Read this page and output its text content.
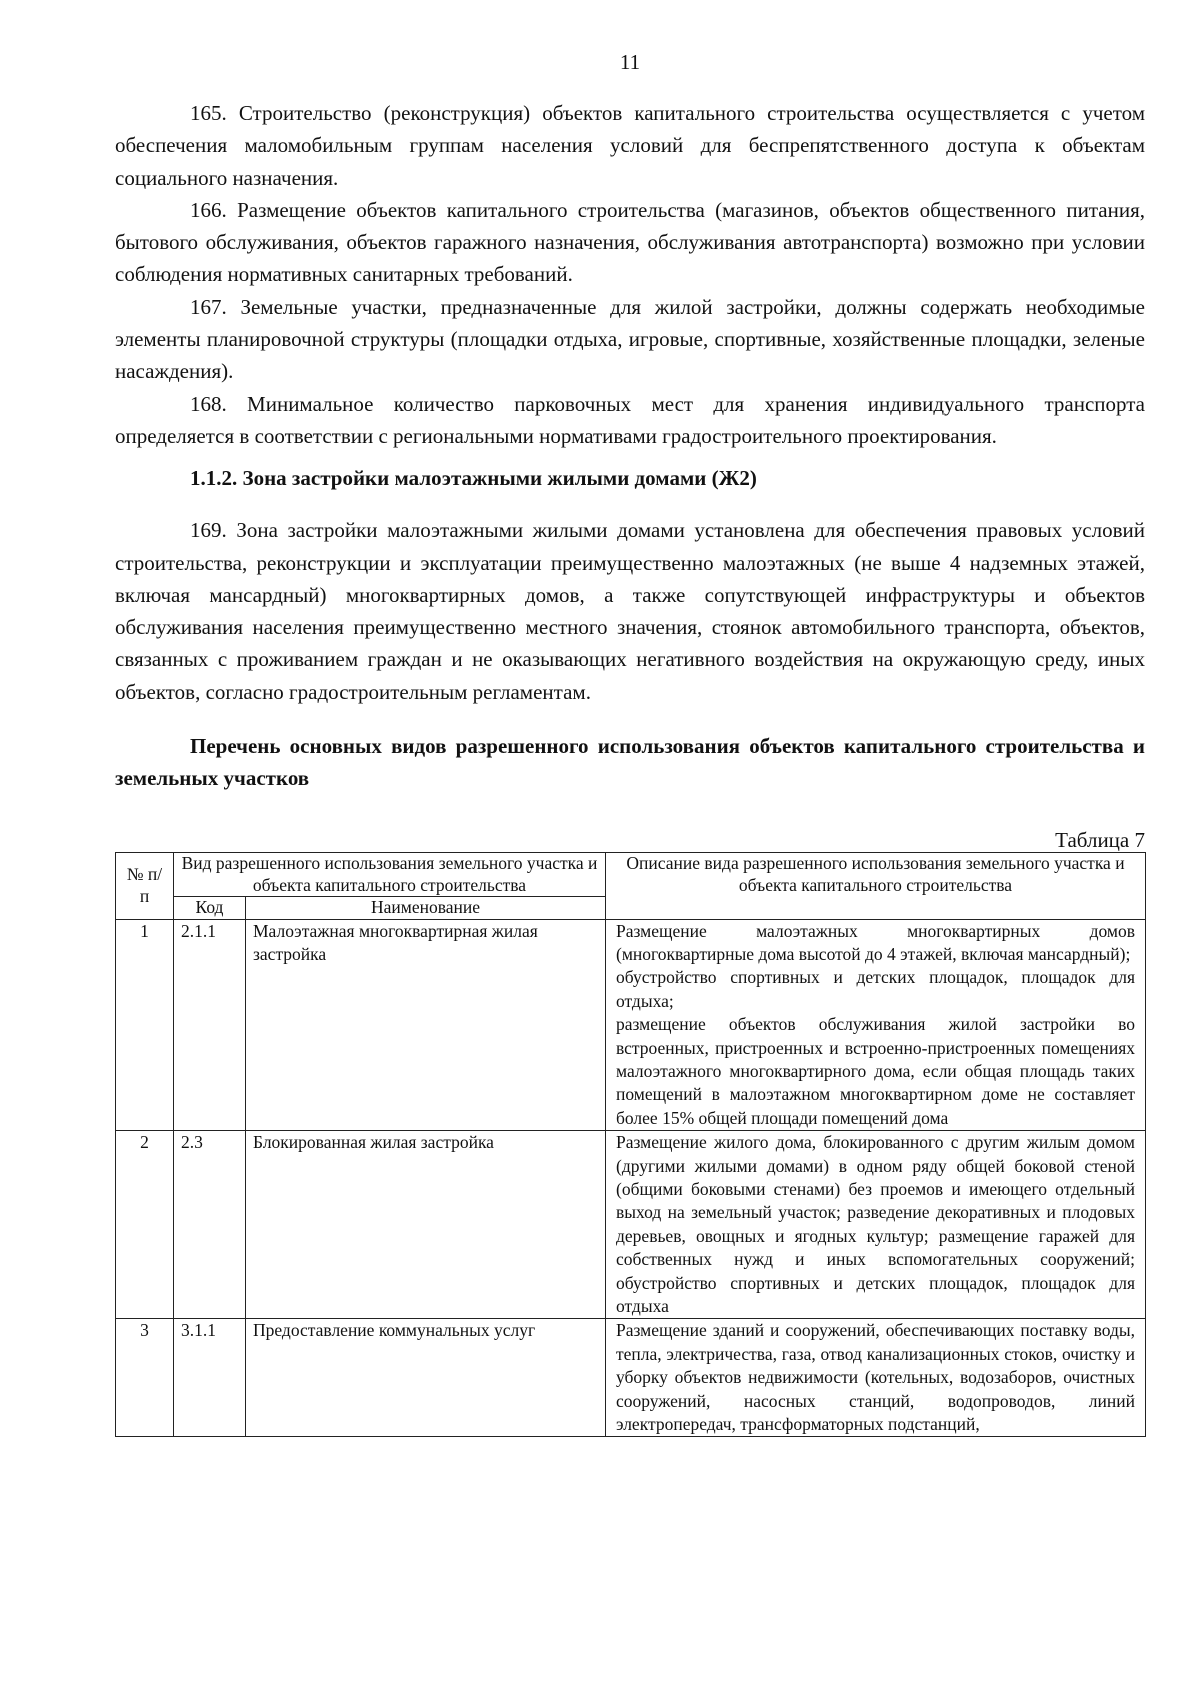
11

165. Строительство (реконструкция) объектов капитального строительства осуществляется с учетом обеспечения маломобильным группам населения условий для беспрепятственного доступа к объектам социального назначения.

166. Размещение объектов капитального строительства (магазинов, объектов общественного питания, бытового обслуживания, объектов гаражного назначения, обслуживания автотранспорта) возможно при условии соблюдения нормативных санитарных требований.

167. Земельные участки, предназначенные для жилой застройки, должны содержать необходимые элементы планировочной структуры (площадки отдыха, игровые, спортивные, хозяйственные площадки, зеленые насаждения).

168. Минимальное количество парковочных мест для хранения индивидуального транспорта определяется в соответствии с региональными нормативами градостроительного проектирования.

1.1.2. Зона застройки малоэтажными жилыми домами (Ж2)

169. Зона застройки малоэтажными жилыми домами установлена для обеспечения правовых условий строительства, реконструкции и эксплуатации преимущественно малоэтажных (не выше 4 надземных этажей, включая мансардный) многоквартирных домов, а также сопутствующей инфраструктуры и объектов обслуживания населения преимущественно местного значения, стоянок автомобильного транспорта, объектов, связанных с проживанием граждан и не оказывающих негативного воздействия на окружающую среду, иных объектов, согласно градостроительным регламентам.

Перечень основных видов разрешенного использования объектов капитального строительства и земельных участков
Таблица 7
№ п/п	Вид разрешенного использования земельного участка и объекта капитального строительства		Описание вида разрешенного использования земельного участка и объекта капитального строительства
	Код	Наименование	
1	2.1.1	Малоэтажная многоквартирная жилая застройка	Размещение малоэтажных многоквартирных домов (многоквартирные дома высотой до 4 этажей, включая мансардный);
обустройство спортивных и детских площадок, площадок для отдыха;
размещение объектов обслуживания жилой застройки во встроенных, пристроенных и встроенно-пристроенных помещениях малоэтажного многоквартирного дома, если общая площадь таких помещений в малоэтажном многоквартирном доме не составляет более 15% общей площади помещений дома

2	2.3	Блокированная жилая застройка	Размещение жилого дома, блокированного с другим жилым домом (другими жилыми домами) в одном ряду общей боковой стеной (общими боковыми стенами) без проемов и имеющего отдельный выход на земельный участок; разведение декоративных и плодовых деревьев, овощных и ягодных культур; размещение гаражей для собственных нужд и иных вспомогательных сооружений; обустройство спортивных и детских площадок, площадок для отдыха

3	3.1.1	Предоставление коммунальных услуг	Размещение зданий и сооружений, обеспечивающих поставку воды, тепла, электричества, газа, отвод канализационных стоков, очистку и уборку объектов недвижимости (котельных, водозаборов, очистных сооружений, насосных станций, водопроводов, линий электропередач, трансформаторных подстанций,
